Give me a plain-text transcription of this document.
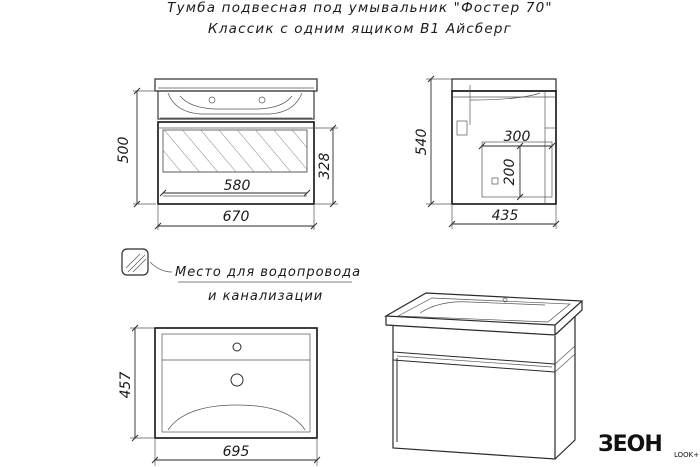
Тумба подвесная под умывальник "Фостер 70"
Классик с одним ящиком В1 Айсберг
500
328
580
670
540	300
200
435
Место для водопровода
и канализации
457
695	ЗЕОН LOOK+
